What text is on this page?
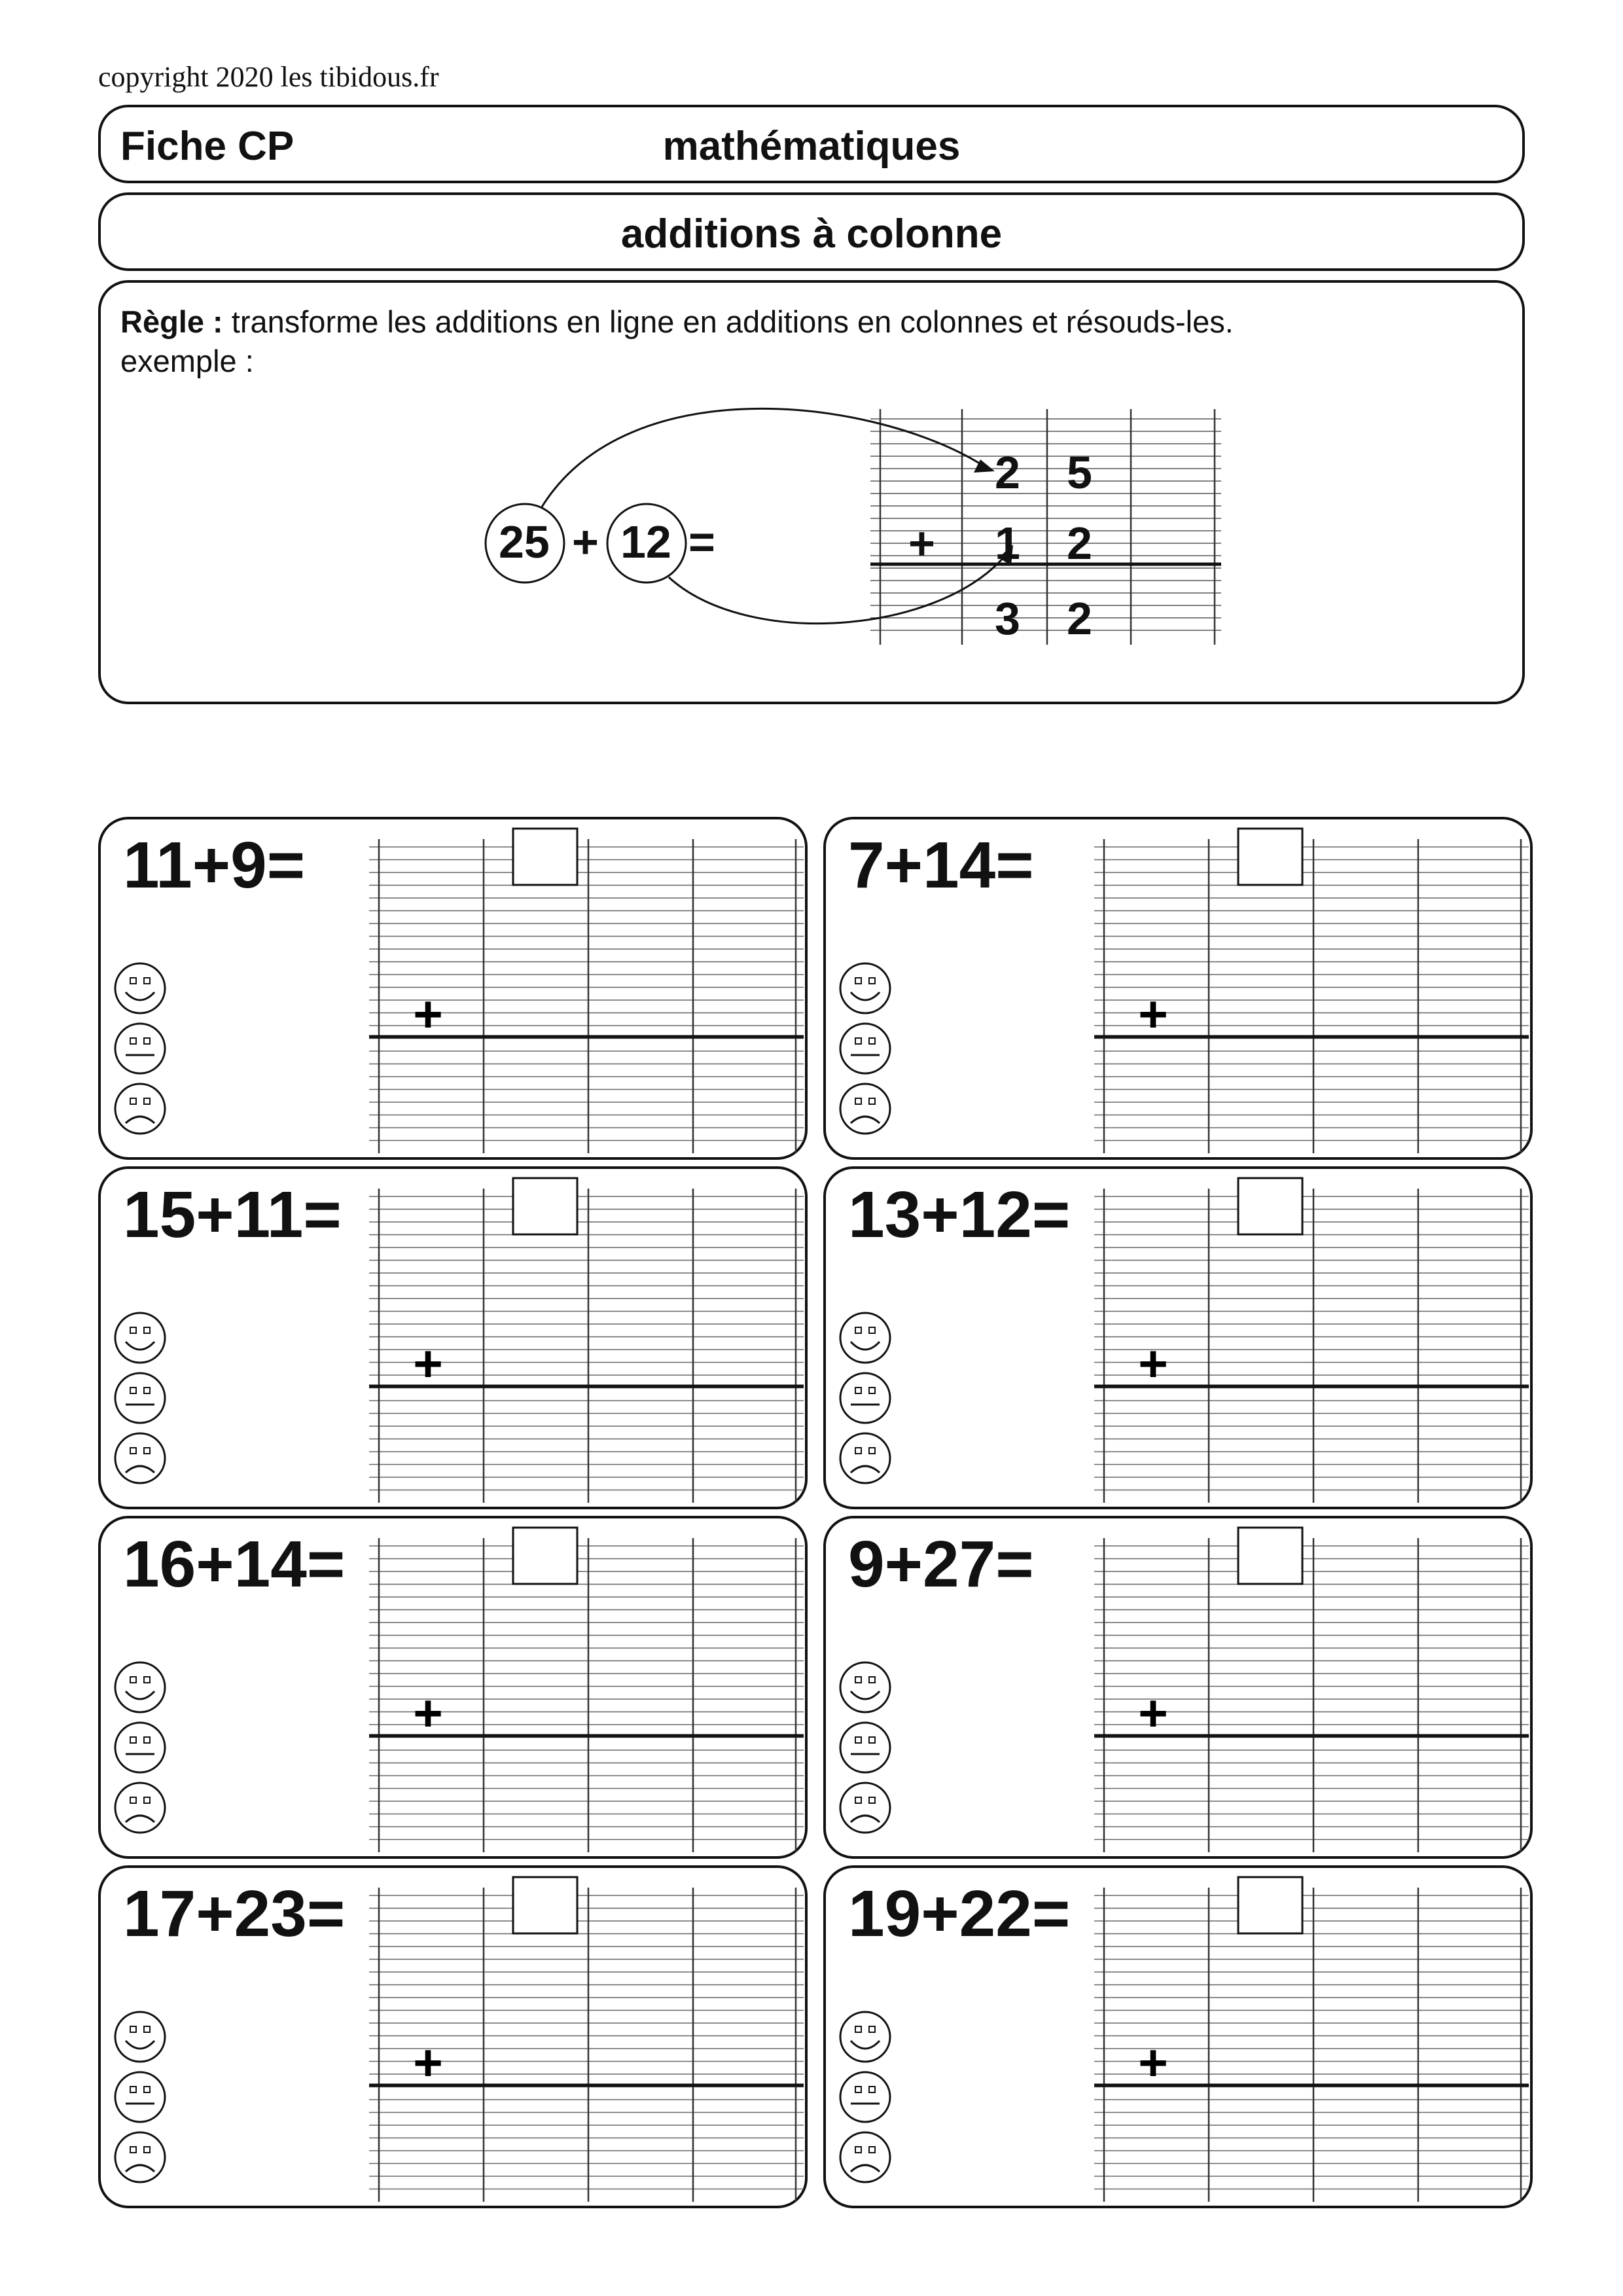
copyright 2020 les tibidous.fr
Fiche CP	mathématiques
additions à colonne
Règle : transforme les additions en ligne en additions en colonnes et résouds-les.
exemple :
25 + 12 =
2 5
+ 1 2
3 2
11+9=
+
7+14=
+
15+11=
+
13+12=
+
16+14=
+
9+27=
+
17+23=
+
19+22=
+
